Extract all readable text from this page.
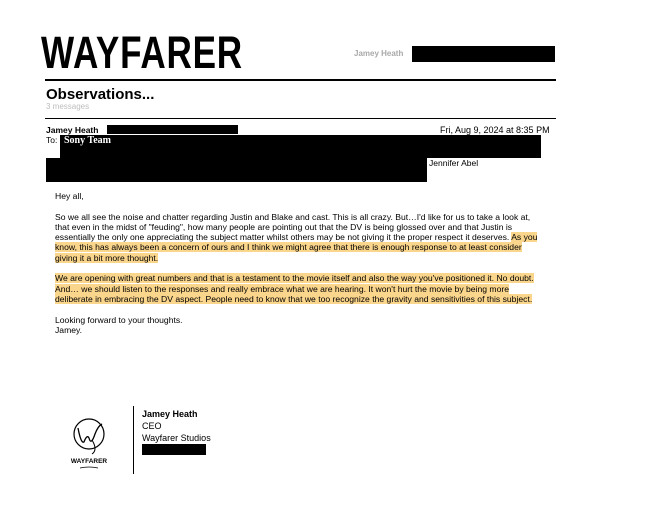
WAYFARER	Jamey Heath
Observations...
3 messages
Jamey Heath	Fri, Aug 9, 2024 at 8:35 PM
To: Sony Team
Jennifer Abel

Hey all,

So we all see the noise and chatter regarding Justin and Blake and cast. This is all crazy. But…I'd like for us to take a look at, that even in the midst of "feuding", how many people are pointing out that the DV is being glossed over and that Justin is essentially the only one appreciating the subject matter whilst others may be not giving it the proper respect it deserves. As you know, this has always been a concern of ours and I think we might agree that there is enough response to at least consider giving it a bit more thought.

We are opening with great numbers and that is a testament to the movie itself and also the way you've positioned it. No doubt. And… we should listen to the responses and really embrace what we are hearing. It won't hurt the movie by being more deliberate in embracing the DV aspect. People need to know that we too recognize the gravity and sensitivities of this subject.

Looking forward to your thoughts.
Jamey.

WAYFARER
Jamey Heath
CEO
Wayfarer Studios
